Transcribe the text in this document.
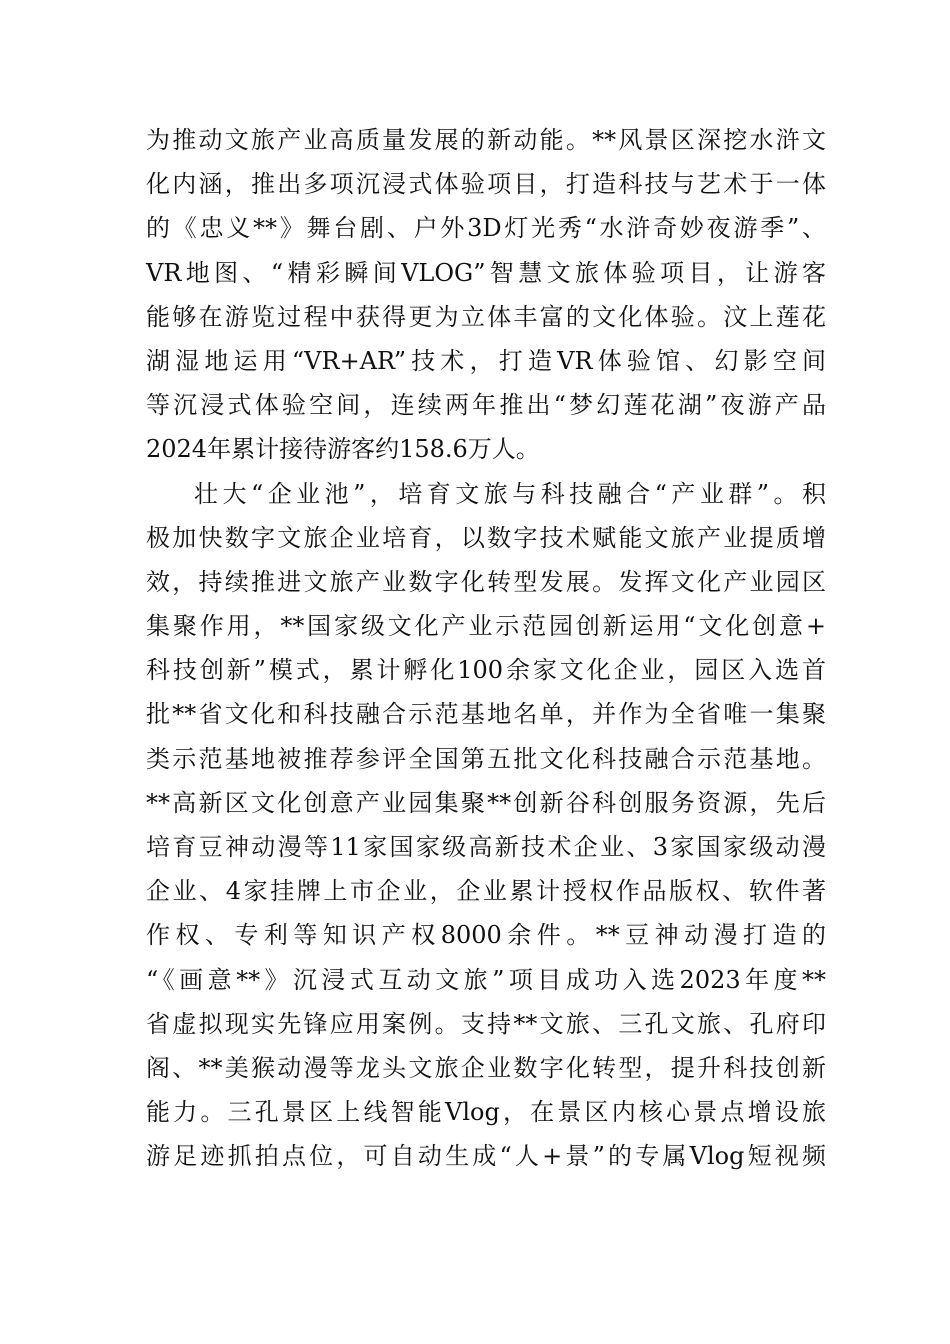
为推动文旅产业高质量发展的新动能。**风景区深挖水浒文
化内涵，推出多项沉浸式体验项目，打造科技与艺术于一体
的《忠义**》舞台剧、户外3D灯光秀“水浒奇妙夜游季”、
VR地图、“精彩瞬间VLOG”智慧文旅体验项目，让游客
能够在游览过程中获得更为立体丰富的文化体验。汶上莲花
湖湿地运用“VR+AR”技术，打造VR体验馆、幻影空间
等沉浸式体验空间，连续两年推出“梦幻莲花湖”夜游产品
2024年累计接待游客约158.6万人。
壮大“企业池”，培育文旅与科技融合“产业群”。积
极加快数字文旅企业培育，以数字技术赋能文旅产业提质增
效，持续推进文旅产业数字化转型发展。发挥文化产业园区
集聚作用，**国家级文化产业示范园创新运用“文化创意+
科技创新”模式，累计孵化100余家文化企业，园区入选首
批**省文化和科技融合示范基地名单，并作为全省唯一集聚
类示范基地被推荐参评全国第五批文化科技融合示范基地。
**高新区文化创意产业园集聚**创新谷科创服务资源，先后
培育豆神动漫等11家国家级高新技术企业、3家国家级动漫
企业、4家挂牌上市企业，企业累计授权作品版权、软件著
作权、专利等知识产权8000余件。**豆神动漫打造的
“《画意**》沉浸式互动文旅”项目成功入选2023年度**
省虚拟现实先锋应用案例。支持**文旅、三孔文旅、孔府印
阁、**美猴动漫等龙头文旅企业数字化转型，提升科技创新
能力。三孔景区上线智能Vlog，在景区内核心景点增设旅
游足迹抓拍点位，可自动生成“人+景”的专属Vlog短视频
